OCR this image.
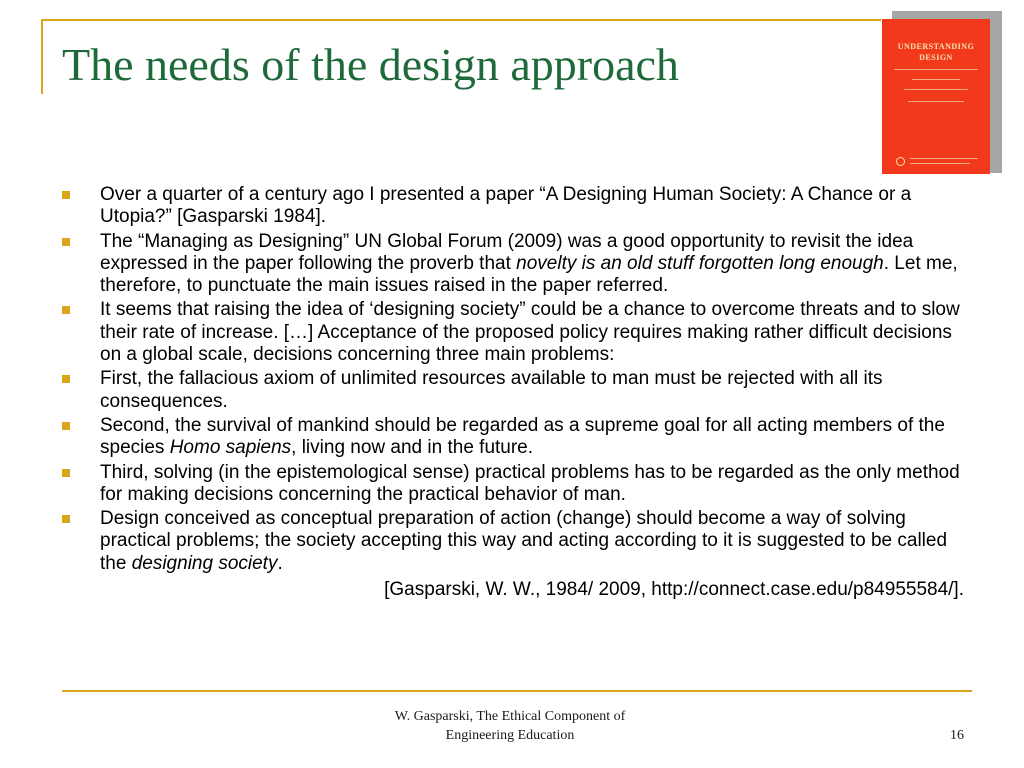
The needs of the design approach	UNDERSTANDING
DESIGN
Over a quarter of a century ago I presented a paper “A Designing Human Society: A Chance or a Utopia?” [Gasparski 1984].
The “Managing as Designing” UN Global Forum (2009) was a good opportunity to revisit the idea expressed in the paper following the proverb that novelty is an old stuff forgotten long enough. Let me, therefore, to punctuate the main issues raised in the paper referred.
It seems that raising the idea of ‘designing society” could be a chance to overcome threats and to slow their rate of increase. […] Acceptance of the proposed policy requires making rather difficult decisions on a global scale, decisions concerning three main problems:
First, the fallacious axiom of unlimited resources available to man must be rejected with all its consequences.
Second, the survival of mankind should be regarded as a supreme goal for all acting members of the species Homo sapiens, living now and in the future.
Third, solving (in the epistemological sense) practical problems has to be regarded as the only method for making decisions concerning the practical behavior of man.
Design conceived as conceptual preparation of action (change) should become a way of solving practical problems; the society accepting this way and acting according to it is suggested to be called the designing society.
[Gasparski, W. W., 1984/ 2009, http://connect.case.edu/p84955584/].
W. Gasparski, The Ethical Component of
Engineering Education	16
